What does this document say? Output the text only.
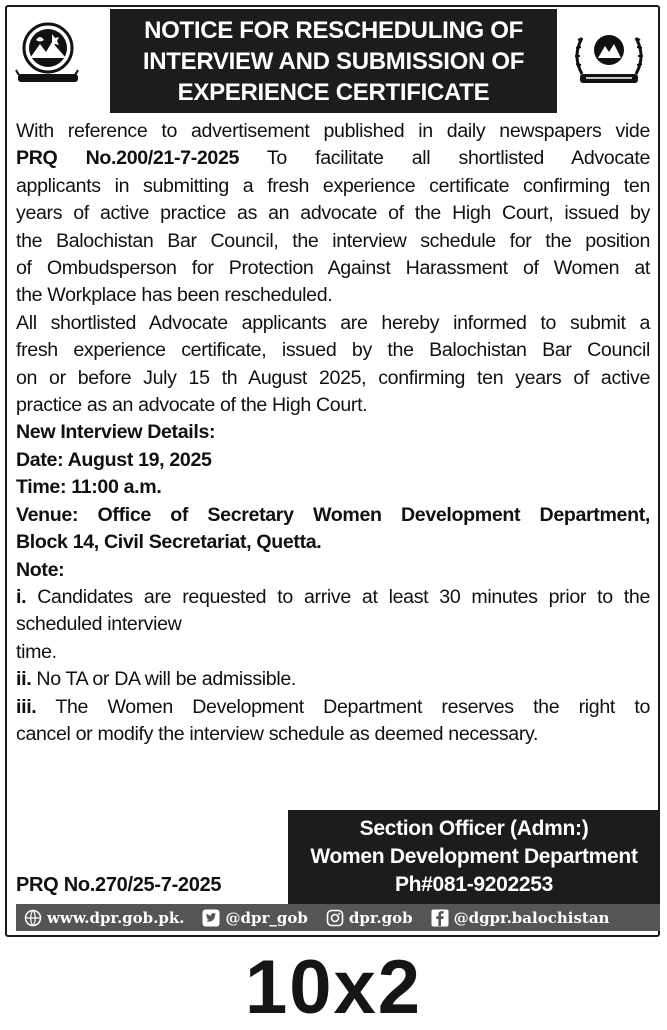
NOTICE FOR RESCHEDULING OF
INTERVIEW AND SUBMISSION OF
EXPERIENCE CERTIFICATE

With reference to advertisement published in daily newspapers vide

PRQ No.200/21-7-2025 To facilitate all shortlisted Advocate

applicants in submitting a fresh experience certificate confirming ten

years of active practice as an advocate of the High Court, issued by

the Balochistan Bar Council, the interview schedule for the position

of Ombudsperson for Protection Against Harassment of Women at

the Workplace has been rescheduled.

All shortlisted Advocate applicants are hereby informed to submit a

fresh experience certificate, issued by the Balochistan Bar Council

on or before July 15 th August 2025, confirming ten years of active

practice as an advocate of the High Court.

New Interview Details:

Date: August 19, 2025

Time: 11:00 a.m.

Venue: Office of Secretary Women Development Department,

Block 14, Civil Secretariat, Quetta.

Note:

i. Candidates are requested to arrive at least 30 minutes prior to the

scheduled interview

time.

ii. No TA or DA will be admissible.

iii. The Women Development Department reserves the right to

cancel or modify the interview schedule as deemed necessary.

Section Officer (Admn:)
Women Development Department
Ph#081-9202253
PRQ No.270/25-7-2025
www.dpr.gob.pk.	@dpr_gob	dpr.gob	@dgpr.balochistan
10x2
